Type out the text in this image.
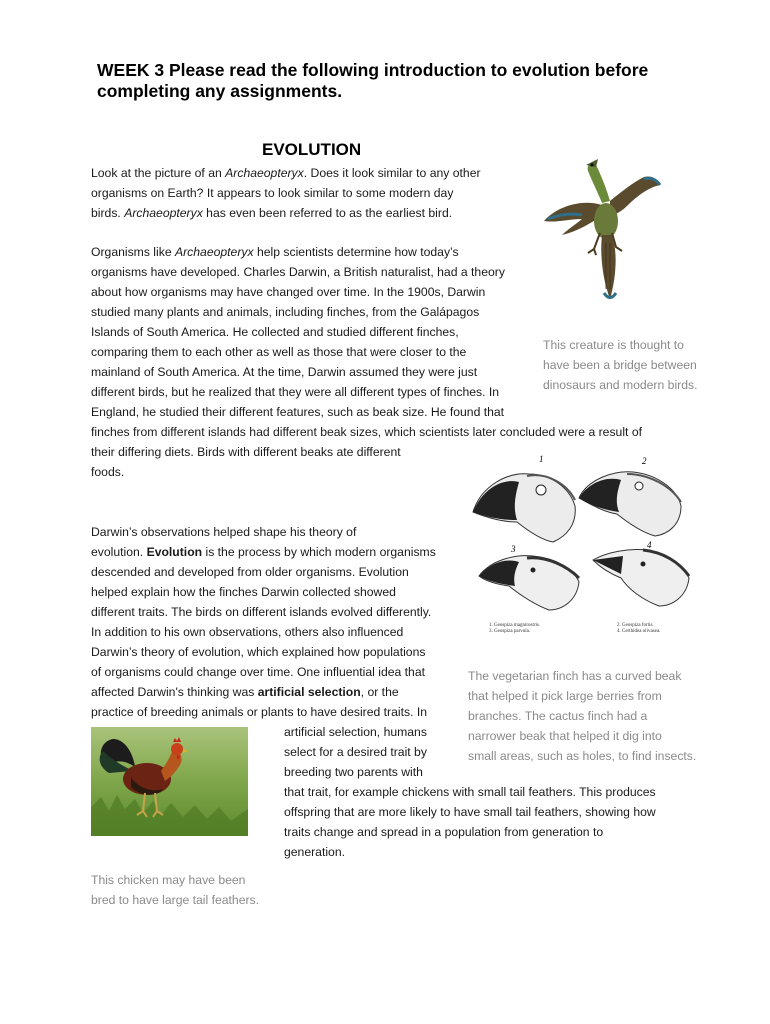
WEEK 3 Please read the following introduction to evolution before
completing any assignments.
EVOLUTION
Look at the picture of an Archaeopteryx. Does it look similar to any other
organisms on Earth? It appears to look similar to some modern day
birds. Archaeopteryx has even been referred to as the earliest bird.
Organisms like Archaeopteryx help scientists determine how today’s
organisms have developed. Charles Darwin, a British naturalist, had a theory
about how organisms may have changed over time. In the 1900s, Darwin
studied many plants and animals, including finches, from the Galápagos
Islands of South America. He collected and studied different finches,
comparing them to each other as well as those that were closer to the
mainland of South America. At the time, Darwin assumed they were just
different birds, but he realized that they were all different types of finches. In
England, he studied their different features, such as beak size. He found that
finches from different islands had different beak sizes, which scientists later concluded were a result of
their differing diets. Birds with different beaks ate different
foods.
This creature is thought to
have been a bridge between
dinosaurs and modern birds.
1	2
3	4
1. Geospiza magnirostris.
3. Geospiza parvula.
2. Geospiza fortis.
4. Certhidea olivasea.
Darwin’s observations helped shape his theory of
evolution. Evolution is the process by which modern organisms
descended and developed from older organisms. Evolution
helped explain how the finches Darwin collected showed
different traits. The birds on different islands evolved differently.
In addition to his own observations, others also influenced
Darwin’s theory of evolution, which explained how populations
of organisms could change over time. One influential idea that
affected Darwin's thinking was artificial selection, or the
practice of breeding animals or plants to have desired traits. In
artificial selection, humans
select for a desired trait by
breeding two parents with
that trait, for example chickens with small tail feathers. This produces
offspring that are more likely to have small tail feathers, showing how
traits change and spread in a population from generation to
generation.
The vegetarian finch has a curved beak
that helped it pick large berries from
branches. The cactus finch had a
narrower beak that helped it dig into
small areas, such as holes, to find insects.
This chicken may have been
bred to have large tail feathers.
